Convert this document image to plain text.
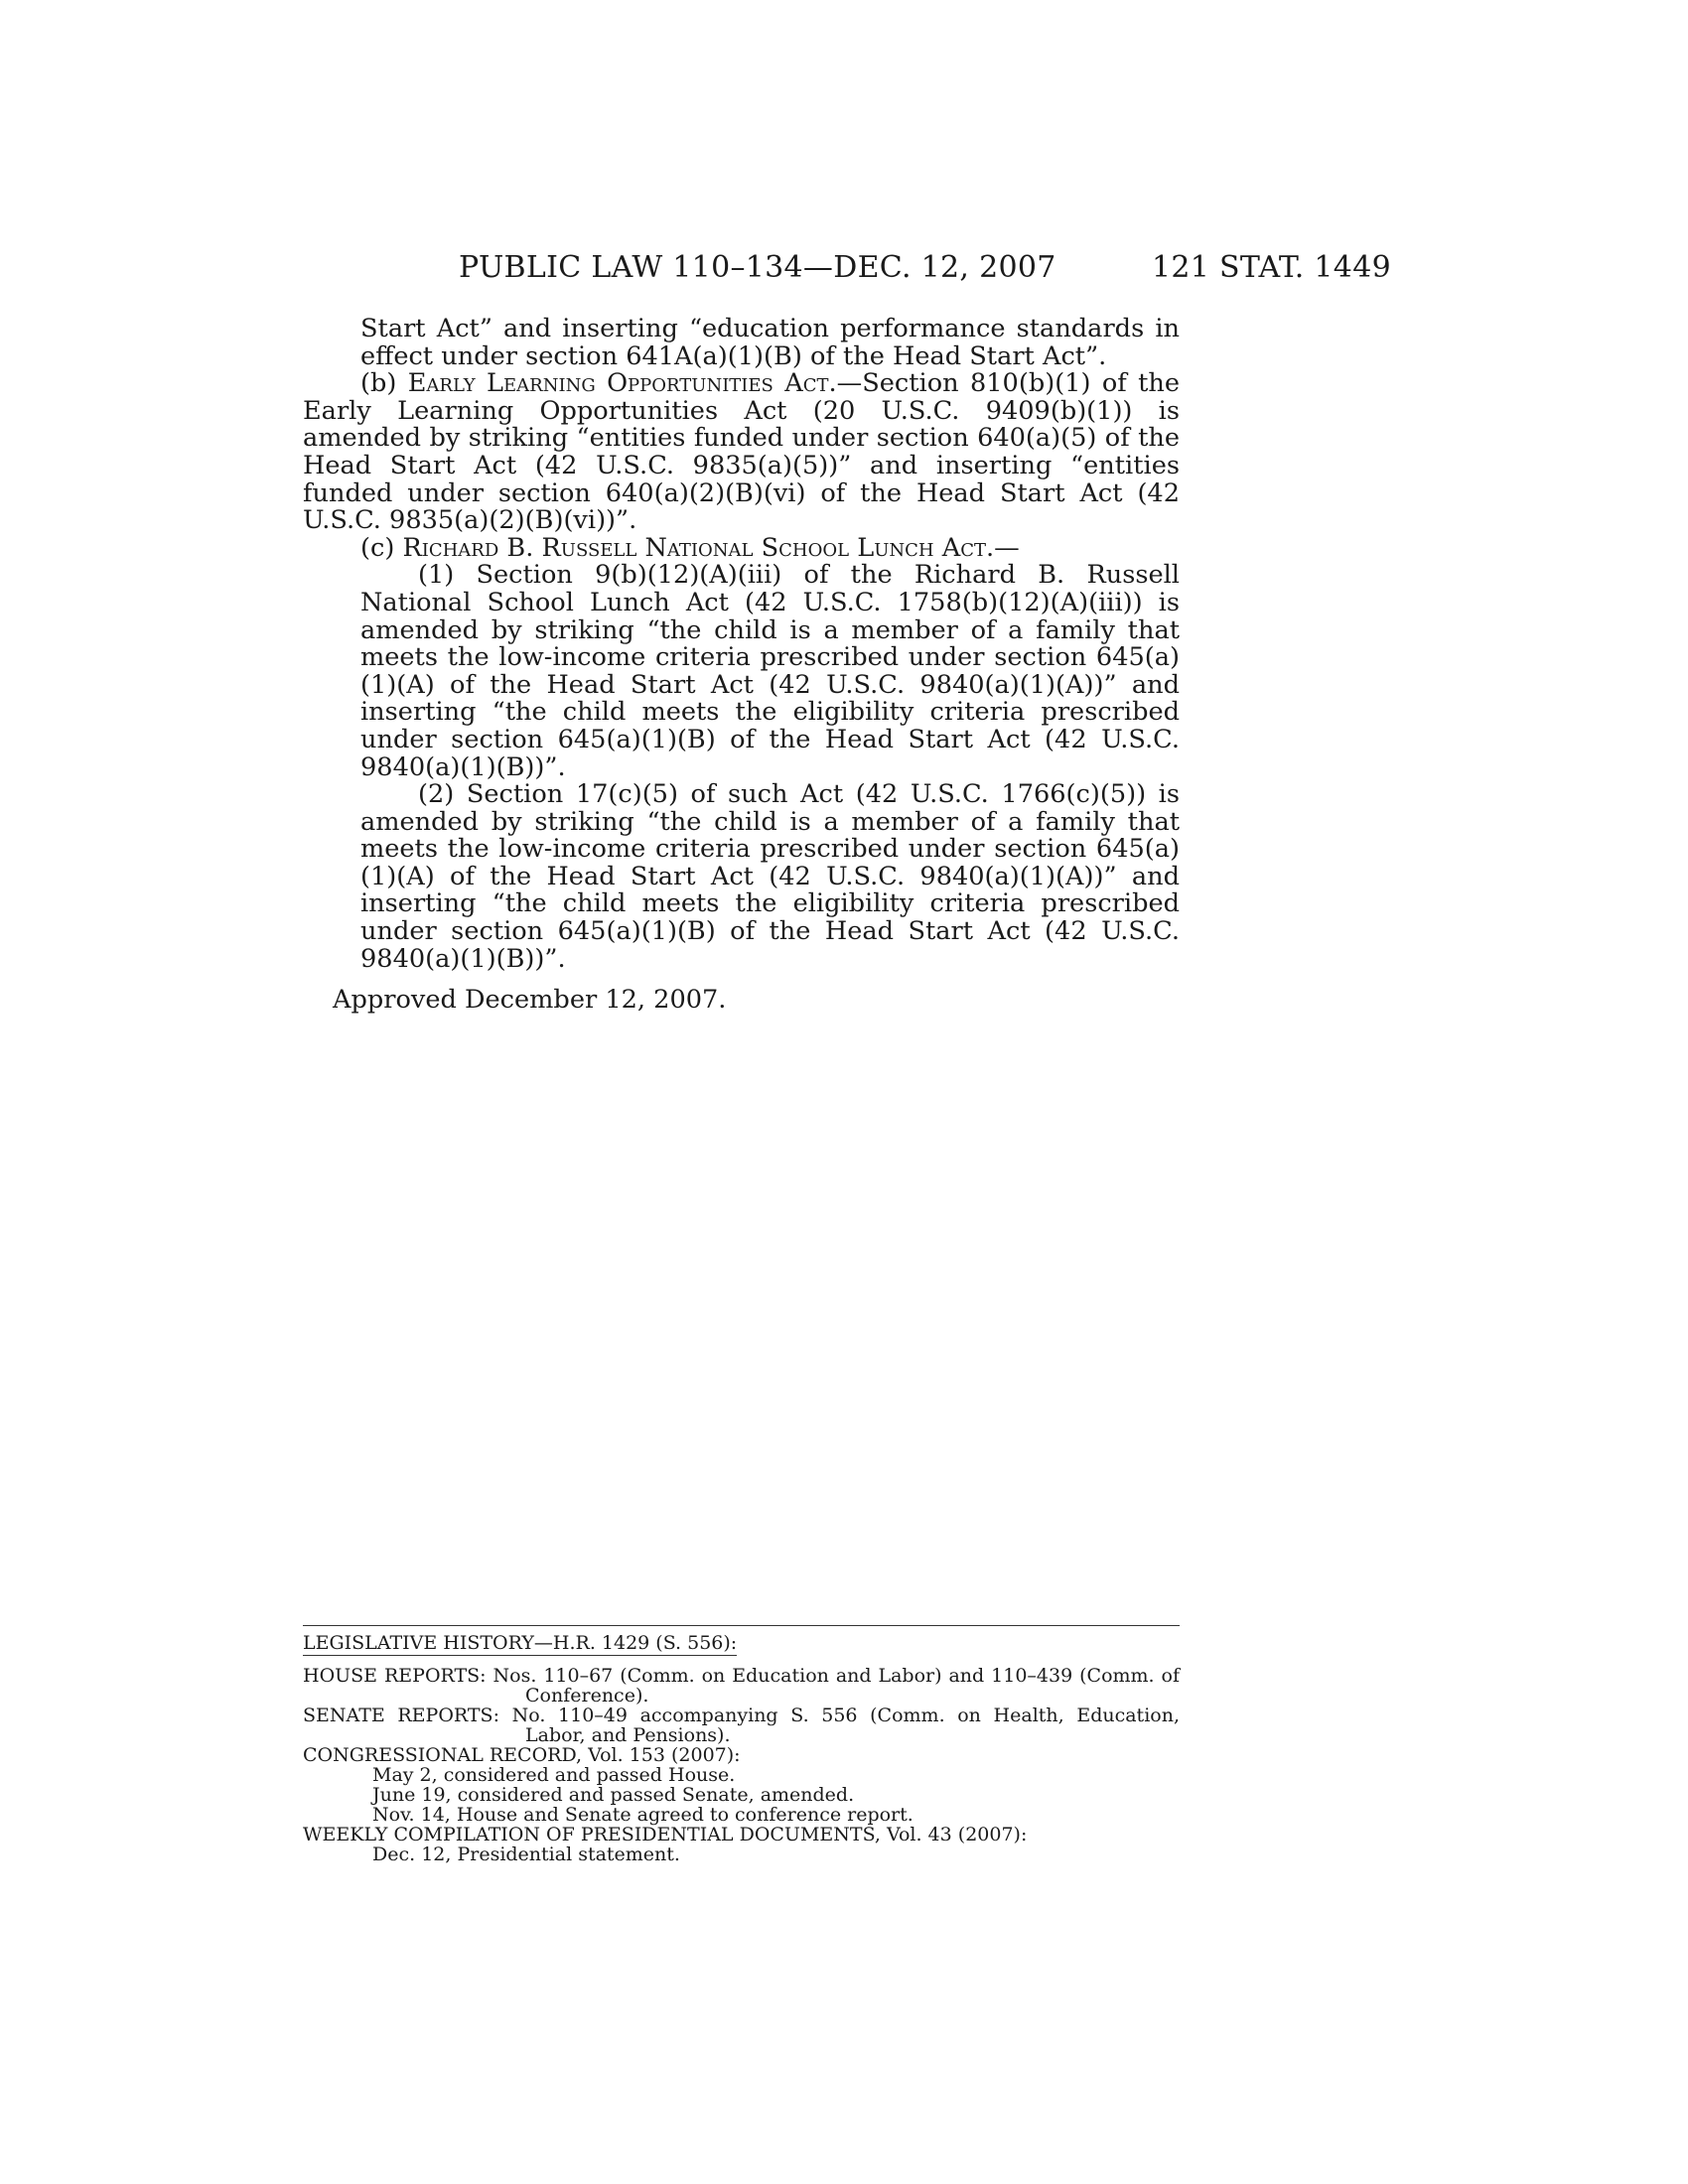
PUBLIC LAW 110–134—DEC. 12, 2007	121 STAT. 1449

Start Act” and inserting “education performance standards in effect under section 641A(a)(1)(B) of the Head Start Act”.

(b) Early Learning Opportunities Act.—Section 810(b)(1) of the Early Learning Opportunities Act (20 U.S.C. 9409(b)(1)) is amended by striking “entities funded under section 640(a)(5) of the Head Start Act (42 U.S.C. 9835(a)(5))” and inserting “entities funded under section 640(a)(2)(B)(vi) of the Head Start Act (42 U.S.C. 9835(a)(2)(B)(vi))”.

(c) Richard B. Russell National School Lunch Act.—

(1) Section 9(b)(12)(A)(iii) of the Richard B. Russell National School Lunch Act (42 U.S.C. 1758(b)(12)(A)(iii)) is amended by striking “the child is a member of a family that meets the low-income criteria prescribed under section 645(a)(1)(A) of the Head Start Act (42 U.S.C. 9840(a)(1)(A))” and inserting “the child meets the eligibility criteria prescribed under section 645(a)(1)(B) of the Head Start Act (42 U.S.C. 9840(a)(1)(B))”.

(2) Section 17(c)(5) of such Act (42 U.S.C. 1766(c)(5)) is amended by striking “the child is a member of a family that meets the low-income criteria prescribed under section 645(a)(1)(A) of the Head Start Act (42 U.S.C. 9840(a)(1)(A))” and inserting “the child meets the eligibility criteria prescribed under section 645(a)(1)(B) of the Head Start Act (42 U.S.C. 9840(a)(1)(B))”.

Approved December 12, 2007.

LEGISLATIVE HISTORY—H.R. 1429 (S. 556):

HOUSE REPORTS: Nos. 110–67 (Comm. on Education and Labor) and 110–439 (Comm. of Conference).

SENATE REPORTS: No. 110–49 accompanying S. 556 (Comm. on Health, Education, Labor, and Pensions).

CONGRESSIONAL RECORD, Vol. 153 (2007):

May 2, considered and passed House.

June 19, considered and passed Senate, amended.

Nov. 14, House and Senate agreed to conference report.

WEEKLY COMPILATION OF PRESIDENTIAL DOCUMENTS, Vol. 43 (2007):

Dec. 12, Presidential statement.
